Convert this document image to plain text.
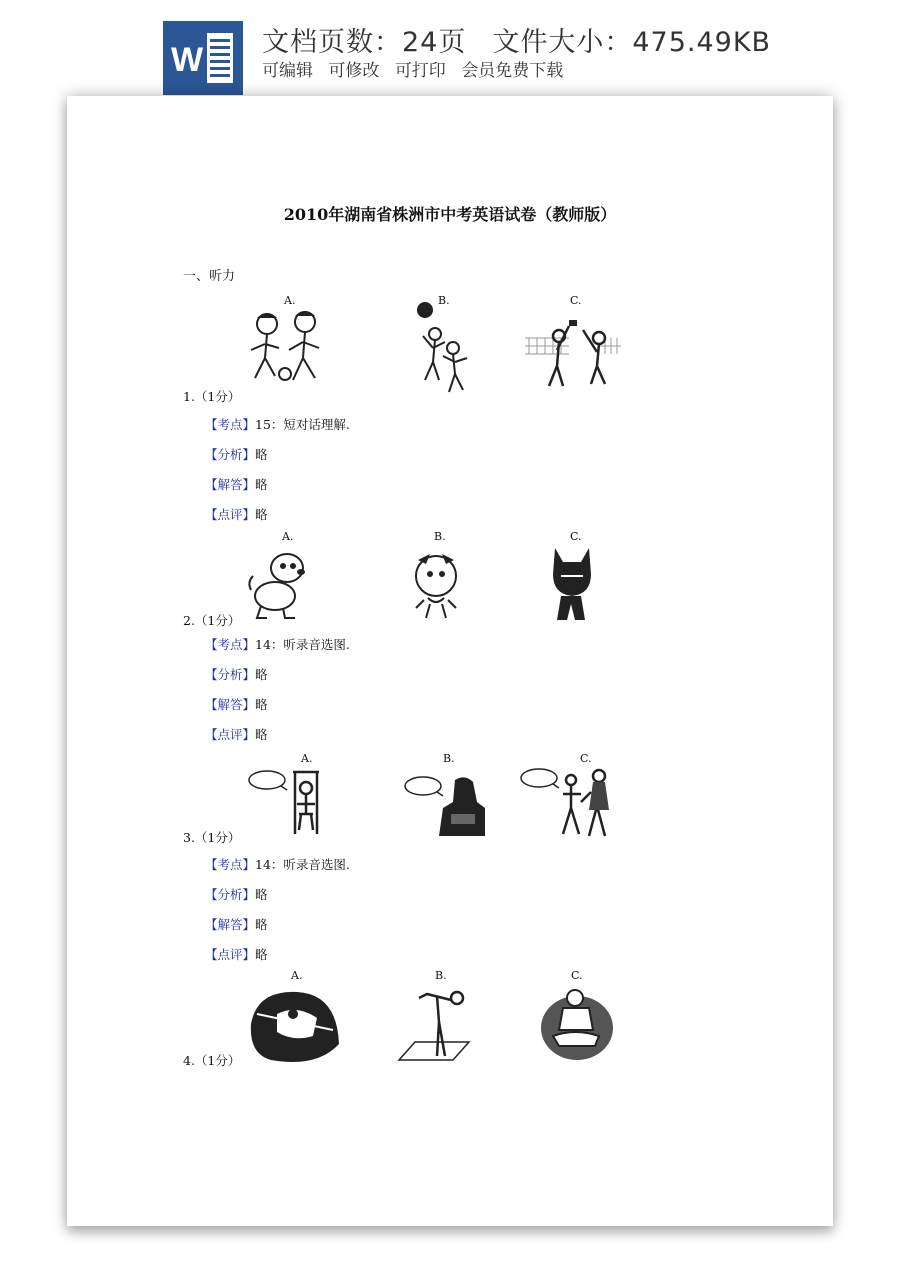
W 文档页数：24页 文件大小：475.49KB
可编辑 可修改 可打印 会员免费下载
2010年湖南省株洲市中考英语试卷（教师版）
一、听力
A.	B.	C.
1.（1分）
【考点】15：短对话理解.
【分析】略
【解答】略
【点评】略
A.	B.	C.
2.（1分）
【考点】14：听录音选图.
【分析】略
【解答】略
【点评】略
A.	B.	C.
3.（1分）
【考点】14：听录音选图.
【分析】略
【解答】略
【点评】略
A.	B.	C.
4.（1分）
